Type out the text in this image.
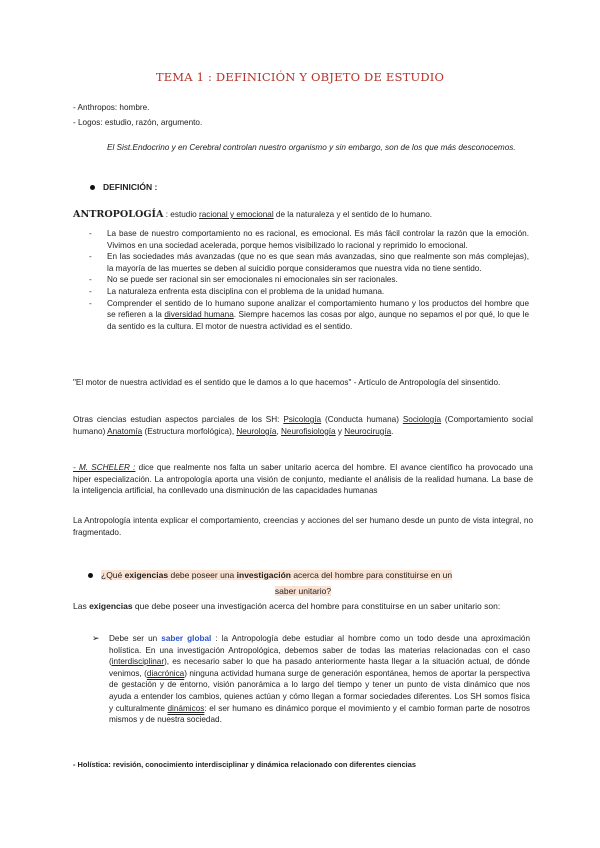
TEMA 1 : DEFINICIÓN Y OBJETO DE ESTUDIO
- Anthropos: hombre.
- Logos: estudio, razón, argumento.
El Sist.Endocrino y en Cerebral controlan nuestro organismo y sin embargo, son de los que más desconocemos.
DEFINICIÓN :
ANTROPOLOGÍA : estudio racional y emocional de la naturaleza y el sentido de lo humano.
- La base de nuestro comportamiento no es racional, es emocional. Es más fácil controlar la razón que la emoción. Vivimos en una sociedad acelerada, porque hemos visibilizado lo racional y reprimido lo emocional.
- En las sociedades más avanzadas (que no es que sean más avanzadas, sino que realmente son más complejas), la mayoría de las muertes se deben al suicidio porque consideramos que nuestra vida no tiene sentido.
- No se puede ser racional sin ser emocionales ni emocionales sin ser racionales.
- La naturaleza enfrenta esta disciplina con el problema de la unidad humana.
- Comprender el sentido de lo humano supone analizar el comportamiento humano y los productos del hombre que se refieren a la diversidad humana. Siempre hacemos las cosas por algo, aunque no sepamos el por qué, lo que le da sentido es la cultura. El motor de nuestra actividad es el sentido.
"El motor de nuestra actividad es el sentido que le damos a lo que hacemos" - Artículo de Antropología del sinsentido.
Otras ciencias estudian aspectos parciales de los SH: Psicología (Conducta humana) Sociología (Comportamiento social humano) Anatomía (Estructura morfológica), Neurología, Neurofisiología y Neurocirugía.
- M. SCHELER : dice que realmente nos falta un saber unitario acerca del hombre. El avance científico ha provocado una hiper especialización. La antropología aporta una visión de conjunto, mediante el análisis de la realidad humana. La base de la inteligencia artificial, ha conllevado una disminución de las capacidades humanas
La Antropología intenta explicar el comportamiento, creencias y acciones del ser humano desde un punto de vista integral, no fragmentado.
¿Qué exigencias debe poseer una investigación acerca del hombre para constituirse en un
saber unitario?
Las exigencias que debe poseer una investigación acerca del hombre para constituirse en un saber unitario son:
➢ Debe ser un saber global : la Antropología debe estudiar al hombre como un todo desde una aproximación holística. En una investigación Antropológica, debemos saber de todas las materias relacionadas con el caso (interdisciplinar), es necesario saber lo que ha pasado anteriormente hasta llegar a la situación actual, de dónde venimos, (diacrónica) ninguna actividad humana surge de generación espontánea, hemos de aportar la perspectiva de gestación y de entorno, visión panorámica a lo largo del tiempo y tener un punto de vista dinámico que nos ayuda a entender los cambios, quienes actúan y cómo llegan a formar sociedades diferentes. Los SH somos física y culturalmente dinámicos: el ser humano es dinámico porque el movimiento y el cambio forman parte de nosotros mismos y de nuestra sociedad.
- Holística: revisión, conocimiento interdisciplinar y dinámica relacionado con diferentes ciencias
